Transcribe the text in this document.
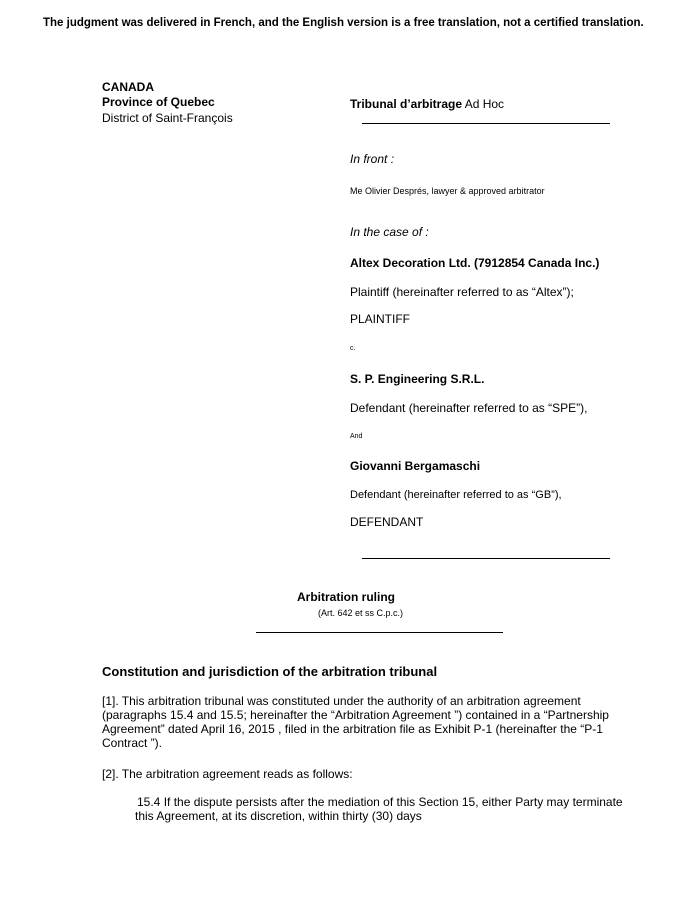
The judgment was delivered in French, and the English version is a free translation, not a certified translation.
CANADA
Province of Quebec
District of Saint-François
Tribunal d’arbitrage Ad Hoc
In front :
Me Olivier Després, lawyer & approved arbitrator
In the case of :
Altex Decoration Ltd. (7912854 Canada Inc.)
Plaintiff (hereinafter referred to as “Altex”);
PLAINTIFF
c.
S. P. Engineering S.R.L.
Defendant (hereinafter referred to as “SPE”),
And
Giovanni Bergamaschi
Defendant (hereinafter referred to as “GB”),
DEFENDANT
Arbitration ruling
(Art. 642 et ss C.p.c.)
Constitution and jurisdiction of the arbitration tribunal
[1]. This arbitration tribunal was constituted under the authority of an arbitration agreement (paragraphs 15.4 and 15.5; hereinafter the “Arbitration Agreement ”) contained in a “Partnership Agreement” dated April 16, 2015 , filed in the arbitration file as Exhibit P-1 (hereinafter the “P-1 Contract ”).
[2]. The arbitration agreement reads as follows:
15.4 If the dispute persists after the mediation of this Section 15, either Party may terminate this Agreement, at its discretion, within thirty (30) days
